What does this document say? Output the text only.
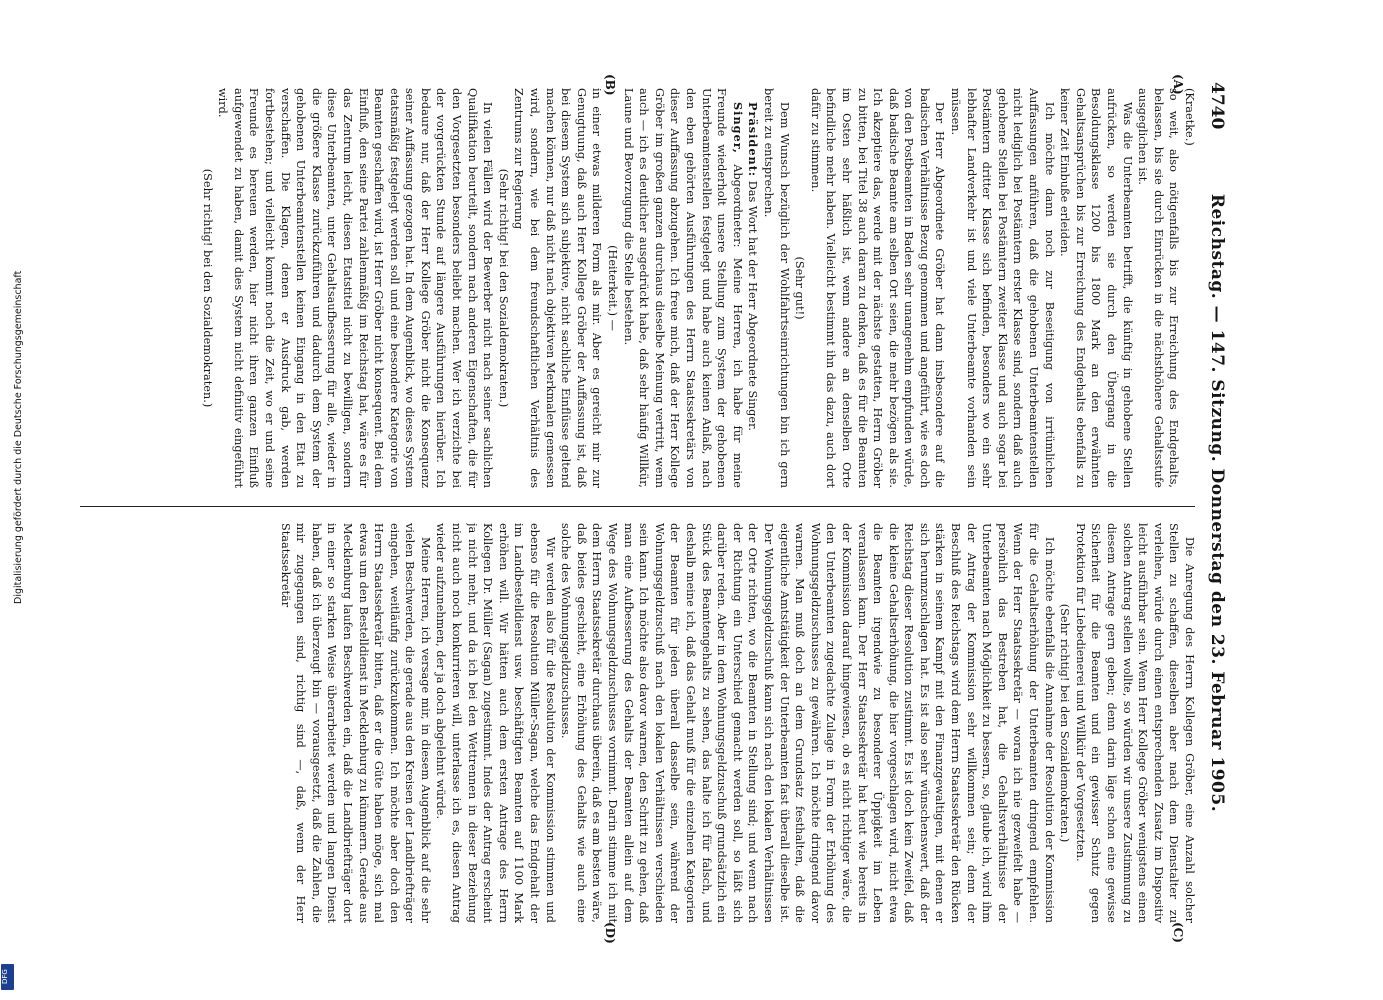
Digitalisierung gefördert durch die Deutsche Forschungsgemeinschaft
DFG
4740
Reichstag. — 147. Sitzung. Donnerstag den 23. Februar 1905.
(A)
(B)
(C)
(D)

(Kraetke.)

so weit, also nötigenfalls bis zur Erreichung des Endgehalts, belassen, bis sie durch Einrücken in die nächsthöhere Gehaltsstufe ausgeglichen ist.

Was die Unterbeamten betrifft, die künftig in gehobene Stellen aufrücken, so werden sie durch den Übergang in die Besoldungsklasse 1200 bis 1800 Mark an den erwähnten Gehaltsansprüchen bis zur Erreichung des Endgehalts ebenfalls zu keiner Zeit Einbuße erleiden.

Ich möchte dann noch zur Beseitigung von irrtümlichen Auffassungen anführen, daß die gehobenen Unterbeamtenstellen nicht lediglich bei Postämtern erster Klasse sind, sondern daß auch gehobene Stellen bei Postämtern zweiter Klasse und auch sogar bei Postämtern dritter Klasse sich befinden, besonders wo ein sehr lebhafter Landverkehr ist und viele Unterbeamte vorhanden sein müssen.

Der Herr Abgeordnete Gröber hat dann insbesondere auf die badischen Verhältnisse Bezug genommen und angeführt, wie es doch von den Postbeamten in Baden sehr unangenehm empfunden würde, daß badische Beamte am selben Ort seien, die mehr bezögen als sie. Ich akzeptiere das, werde mit der nächste gestatten, Herrn Gröber zu bitten, bei Titel 38 auch daran zu denken, daß es für die Beamten im Osten sehr häßlich ist, wenn andere an denselben Orte befindliche mehr haben. Vielleicht bestimmt ihn das dazu, auch dort dafür zu stimmen.

(Sehr gut!)

Dem Wunsch bezüglich der Wohlfahrtseinrichtungen bin ich gern bereit zu entsprechen.

Präsident: Das Wort hat der Herr Abgeordnete Singer.

Singer, Abgeordneter: Meine Herren, ich habe für meine Freunde wiederholt unsere Stellung zum System der gehobenen Unterbeamtenstellen festgelegt und habe auch keinen Anlaß, nach den eben gehörten Ausführungen des Herrn Staatssekretärs von dieser Auffassung abzugehen. Ich freue mich, daß der Herr Kollege Gröber im großen ganzen durchaus dieselbe Meinung vertritt, wenn auch — ich es deutlicher ausgedrückt habe, daß sehr häufig Willkür, Laune und Bevorzugung die Stelle bestehen.

(Heiterkeit.) —

in einer etwas milderen Form als mir. Aber es gereicht mir zur Genugtuung, daß auch Herr Kollege Gröber der Auffassung ist, daß bei diesem System sich subjektive, nicht sachliche Einflüsse geltend machen können, nur daß nicht nach objektiven Merkmalen gemessen wird, sondern, wie bei dem freundschaftlichen Verhältnis des Zentrums zur Regierung

(Sehr richtig! bei den Sozialdemokraten.)

In vielen Fällen wird der Bewerber nicht nach seiner sachlichen Qualifikation beurteilt, sondern nach anderen Eigenschaften, die für den Vorgesetzten besonders beliebt machen. Wer ich verzichte bei der vorgerückten Stunde auf längere Ausführungen hierüber. Ich bedaure nur, daß der Herr Kollege Gröber nicht die Konsequenz seiner Auffassung gezogen hat. In dem Augenblick, wo dieses System etatsmäßig festgelegt werden soll und eine besondere Kategorie von Beamten geschaffen wird, ist Herr Gröber nicht konsequent. Bei dem Einfluß, den seine Partei zahlenmäßig im Reichstag hat, wäre es für das Zentrum leicht, diesen Etatstitel nicht zu bewilligen, sondern diese Unterbeamten, unter Gehaltsaufbesserung für alle, wieder in die größere Klasse zurückzuführen und dadurch dem System der gehobenen Unterbeamtenstellen keinen Eingang in den Etat zu verschaffen. Die Klagen, denen er Ausdruck gab, werden fortbestehen; und vielleicht kommt noch die Zeit, wo er und seine Freunde es bereuen werden, hier nicht ihren ganzen Einfluß aufgewendet zu haben, damit dies System nicht definitiv eingeführt wird.

(Sehr richtig! bei den Sozialdemokraten.)

Die Anregung des Herrn Kollegen Gröber, eine Anzahl solcher Stellen zu schaffen, dieselben aber nach dem Dienstalter zu verleihen, würde durch einen entsprechenden Zusatz im Dispositiv leicht ausführbar sein. Wenn Herr Kollege Gröber wenigstens einen solchen Antrag stellen wollte, so würden wir unsere Zustimmung zu diesem Antrage gern geben; denn darin läge schon eine gewisse Sicherheit für die Beamten und ein gewisser Schutz gegen Protektion für Liebedienerei und Willkür der Vorgesetzten.

(Sehr richtig! bei den Sozialdemokraten.)

Ich möchte ebenfalls die Annahme der Resolution der Kommission für die Gehaltserhöhung der Unterbeamten dringend empfehlen. Wenn der Herr Staatssekretär — woran ich nie gezweifelt habe — persönlich das Bestreben hat, die Gehaltsverhältnisse der Unterbeamten nach Möglichkeit zu bessern, so, glaube ich, wird ihm der Antrag der Kommission sehr willkommen sein; denn der Beschluß des Reichstags wird dem Herrn Staatssekretär den Rücken stärken in seinem Kampf mit den Finanzgewaltigen, mit denen er sich herumzuschlagen hat. Es ist also sehr wünschenswert, daß der Reichstag dieser Resolution zustimmt. Es ist doch kein Zweifel, daß die kleine Gehaltserhöhung, die hier vorgeschlagen wird, nicht etwa die Beamten irgendwie zu besonderer Üppigkeit im Leben veranlassen kann. Der Herr Staatssekretär hat heut wie bereits in der Kommission darauf hingewiesen, ob es nicht richtiger wäre, die den Unterbeamten zugedachte Zulage in Form der Erhöhung des Wohnungsgeldzuschusses zu gewähren. Ich möchte dringend davor warnen. Man muß doch an dem Grundsatz festhalten, daß die eigentliche Amtstätigkeit der Unterbeamten fast überall dieselbe ist. Der Wohnungsgeldzuschuß kann sich nach den lokalen Verhältnissen der Orte richten, wo die Beamten in Stellung sind; und wenn nach der Richtung ein Unterschied gemacht werden soll, so läßt sich darüber reden. Aber in dem Wohnungsgeldzuschuß grundsätzlich ein Stück des Beamtengehalts zu sehen, das halte ich für falsch, und deshalb meine ich, daß das Gehalt muß für die einzelnen Kategorien der Beamten für jeden überall dasselbe sein, während der Wohnungsgeldzuschuß nach den lokalen Verhältnissen verschieden sein kann. Ich möchte also davor warnen, den Schritt zu gehen, daß man eine Aufbesserung des Gehalts der Beamten allein auf dem Wege des Wohnungsgeldzuschusses vornimmt. Darin stimme ich mit dem Herrn Staatssekretär durchaus überein, daß es am besten wäre, daß beides geschieht, eine Erhöhung des Gehalts wie auch eine solche des Wohnungsgeldzuschusses.

Wir werden also für die Resolution der Kommission stimmen und ebenso für die Resolution Müller-Sagan, welche das Endgehalt der im Landbestelldienst usw. beschäftigten Beamten auf 1100 Mark erhöhen will. Wir hätten auch dem ersten Antrage des Herrn Kollegen Dr. Müller (Sagan) zugestimmt. Indes der Antrag erscheint ja nicht mehr, und da ich bei den Wettrennen in dieser Beziehung nicht auch noch konkurrieren will, unterlasse ich es, diesen Antrag wieder aufzunehmen, der ja doch abgelehnt würde.

Meine Herren, ich versage mir, in diesem Augenblick auf die sehr vielen Beschwerden, die gerade aus den Kreisen der Landbriefträger eingehen, weitläufig zurückzukommen. Ich möchte aber doch den Herrn Staatssekretär bitten, daß er die Güte haben möge, sich mal etwas um den Bestelldienst in Mecklenburg zu kümmern. Gerade aus Mecklenburg laufen Beschwerden ein, daß die Landbriefträger dort in einer so starken Weise überarbeitet werden und langen Dienst haben, daß ich überzeugt bin — vorausgesetzt, daß die Zahlen, die mir zugegangen sind, richtig sind —, daß, wenn der Herr Staatssekretär
